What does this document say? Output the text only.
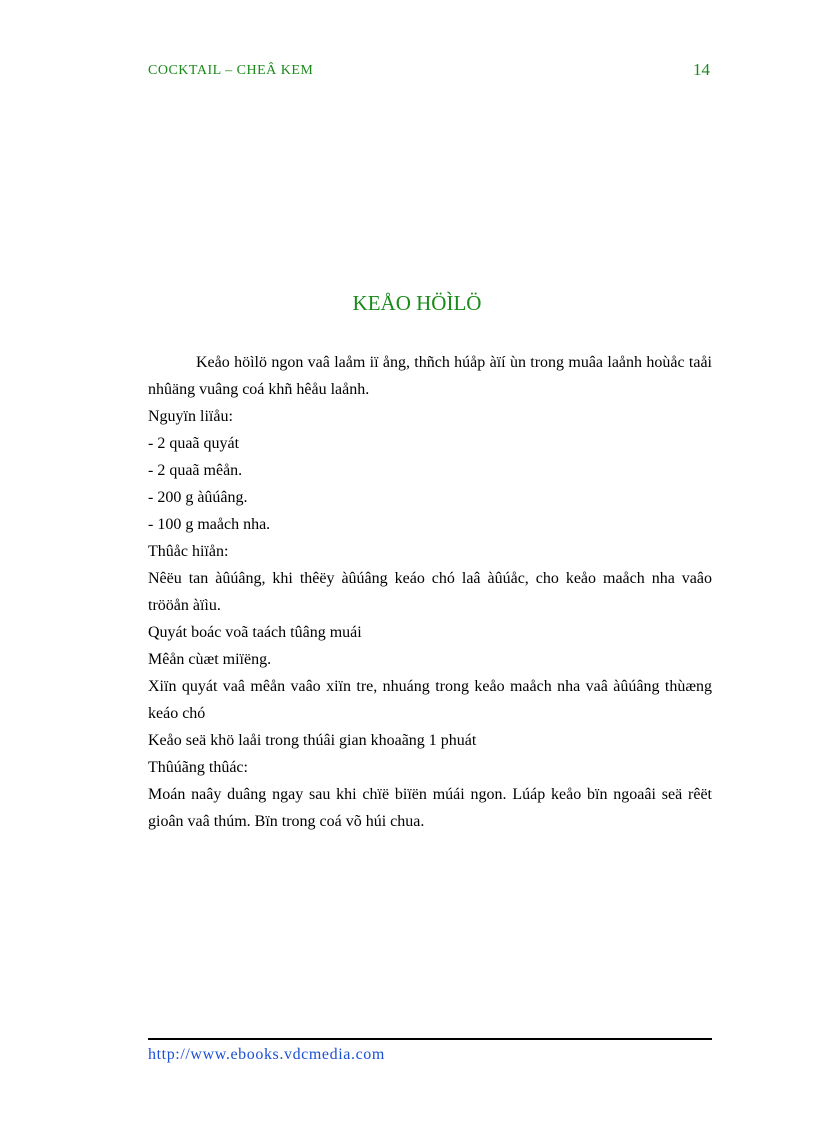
COCKTAIL – CHEÂ KEM	14
KEÅO HÖÌLÖ

Keåo höìlö ngon vaâ laåm iï ång, thñch húåp àïí ùn trong muâa laånh hoùåc taåi nhûäng vuâng coá khñ hêåu laånh.

Nguyïn liïåu:

- 2 quaã quyát

- 2 quaã mêån.

- 200 g àûúâng.

- 100 g maåch nha.

Thûåc hiïån:

Nêëu tan àûúâng, khi thêëy àûúâng keáo chó laâ àûúåc, cho keåo maåch nha vaâo trööån àïìu.

Quyát boác voã taách tûâng muái

Mêån cùæt miïëng.

Xiïn quyát vaâ mêån vaâo xiïn tre, nhuáng trong keåo maåch nha vaâ àûúâng thùæng keáo chó

Keåo seä khö laåi trong thúâi gian khoaãng 1 phuát

Thûúãng thûác:

Moán naây duâng ngay sau khi chïë biïën múái ngon. Lúáp keåo bïn ngoaâi seä rêët gioân vaâ thúm. Bïn trong coá võ húi chua.

http://www.ebooks.vdcmedia.com
